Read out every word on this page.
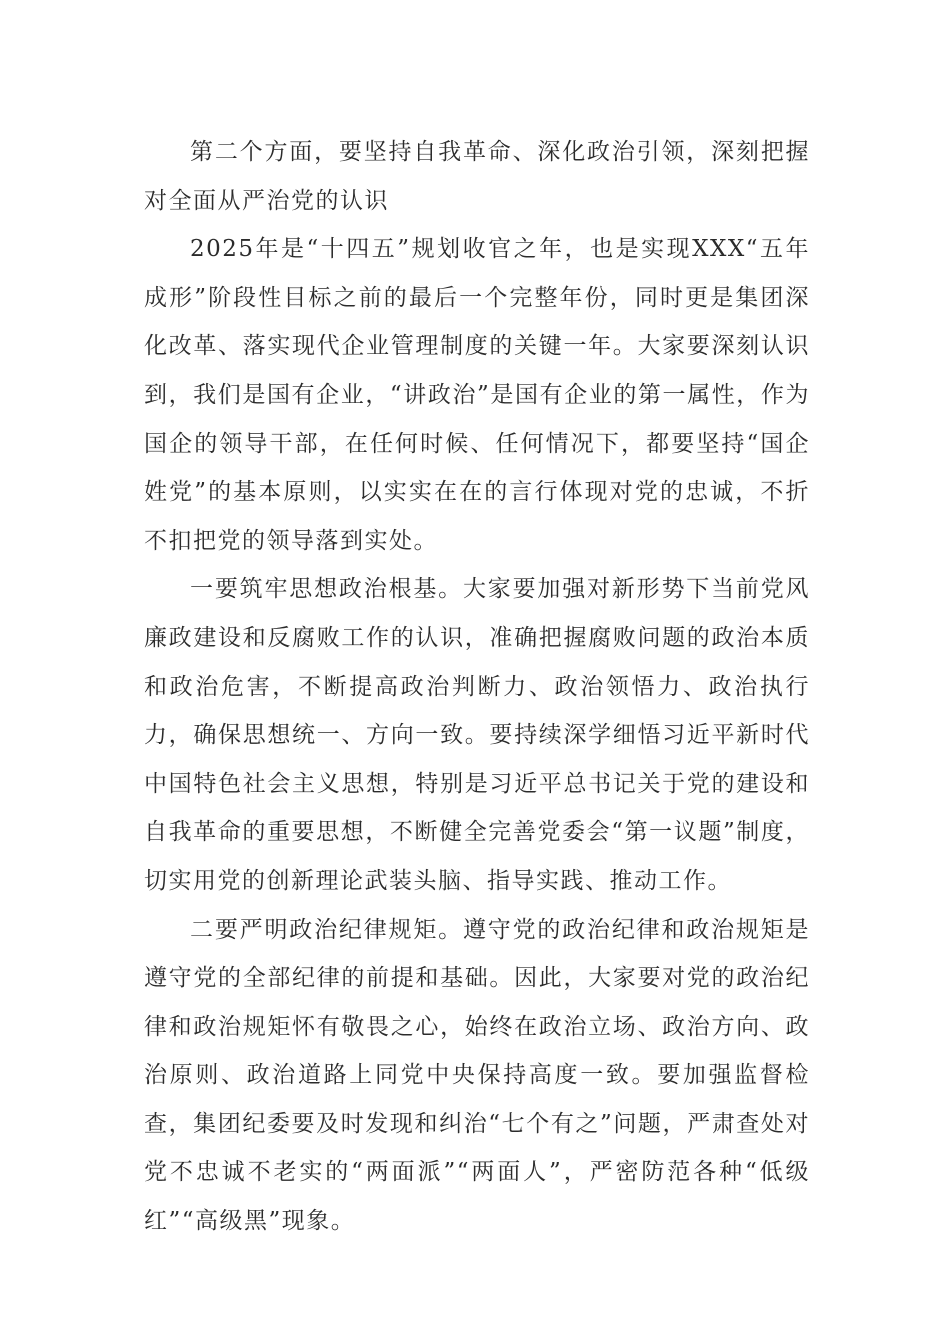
第二个方面，要坚持自我革命、深化政治引领，深刻把握对全面从严治党的认识

2025年是“十四五”规划收官之年，也是实现XXX“五年成形”阶段性目标之前的最后一个完整年份，同时更是集团深化改革、落实现代企业管理制度的关键一年。大家要深刻认识到，我们是国有企业，“讲政治”是国有企业的第一属性，作为国企的领导干部，在任何时候、任何情况下，都要坚持“国企姓党”的基本原则，以实实在在的言行体现对党的忠诚，不折不扣把党的领导落到实处。

一要筑牢思想政治根基。大家要加强对新形势下当前党风廉政建设和反腐败工作的认识，准确把握腐败问题的政治本质和政治危害，不断提高政治判断力、政治领悟力、政治执行力，确保思想统一、方向一致。要持续深学细悟习近平新时代中国特色社会主义思想，特别是习近平总书记关于党的建设和自我革命的重要思想，不断健全完善党委会“第一议题”制度，切实用党的创新理论武装头脑、指导实践、推动工作。

二要严明政治纪律规矩。遵守党的政治纪律和政治规矩是遵守党的全部纪律的前提和基础。因此，大家要对党的政治纪律和政治规矩怀有敬畏之心，始终在政治立场、政治方向、政治原则、政治道路上同党中央保持高度一致。要加强监督检查，集团纪委要及时发现和纠治“七个有之”问题，严肃查处对党不忠诚不老实的“两面派”“两面人”，严密防范各种“低级红”“高级黑”现象。
